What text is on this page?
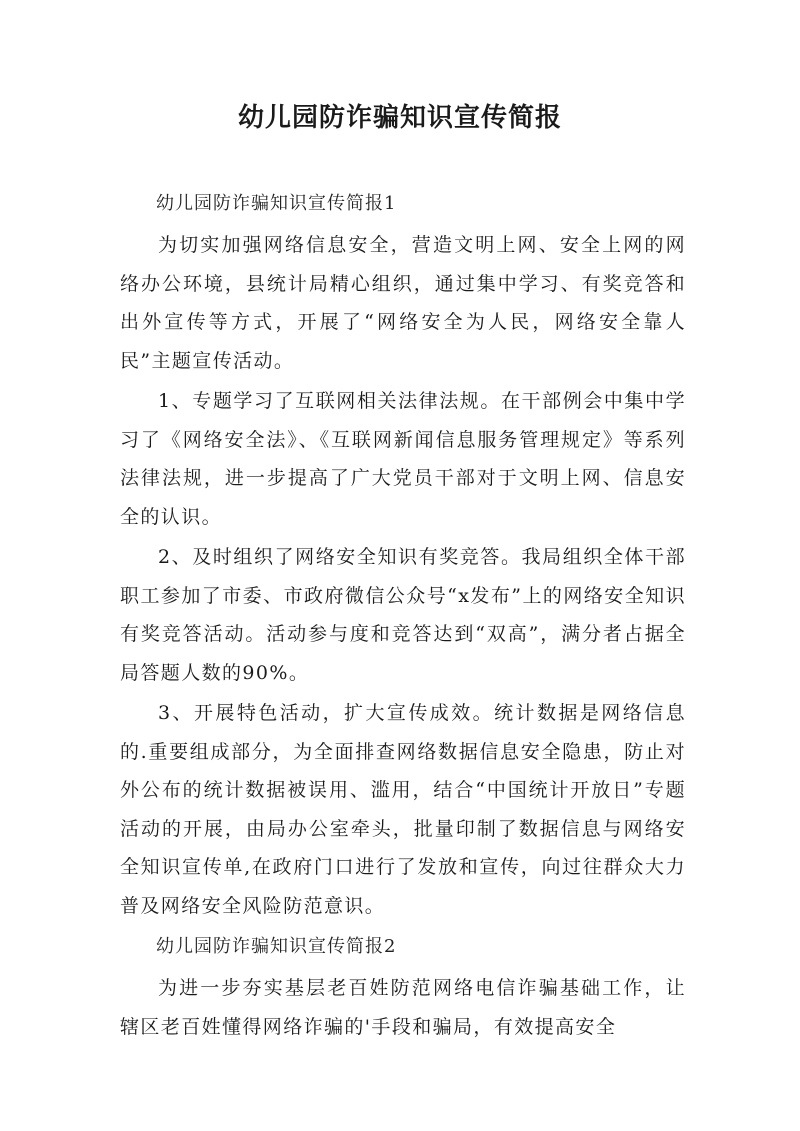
幼儿园防诈骗知识宣传简报

幼儿园防诈骗知识宣传简报1

为切实加强网络信息安全，营造文明上网、安全上网的网络办公环境，县统计局精心组织，通过集中学习、有奖竞答和出外宣传等方式，开展了“网络安全为人民，网络安全靠人民”主题宣传活动。

1、专题学习了互联网相关法律法规。在干部例会中集中学习了《网络安全法》、《互联网新闻信息服务管理规定》等系列法律法规，进一步提高了广大党员干部对于文明上网、信息安全的认识。

2、及时组织了网络安全知识有奖竞答。我局组织全体干部职工参加了市委、市政府微信公众号“x发布”上的网络安全知识有奖竞答活动。活动参与度和竞答达到“双高”，满分者占据全局答题人数的90%。

3、开展特色活动，扩大宣传成效。统计数据是网络信息的.重要组成部分，为全面排查网络数据信息安全隐患，防止对外公布的统计数据被误用、滥用，结合“中国统计开放日”专题活动的开展，由局办公室牵头，批量印制了数据信息与网络安全知识宣传单,在政府门口进行了发放和宣传，向过往群众大力普及网络安全风险防范意识。

幼儿园防诈骗知识宣传简报2

为进一步夯实基层老百姓防范网络电信诈骗基础工作，让辖区老百姓懂得网络诈骗的'手段和骗局，有效提高安全
